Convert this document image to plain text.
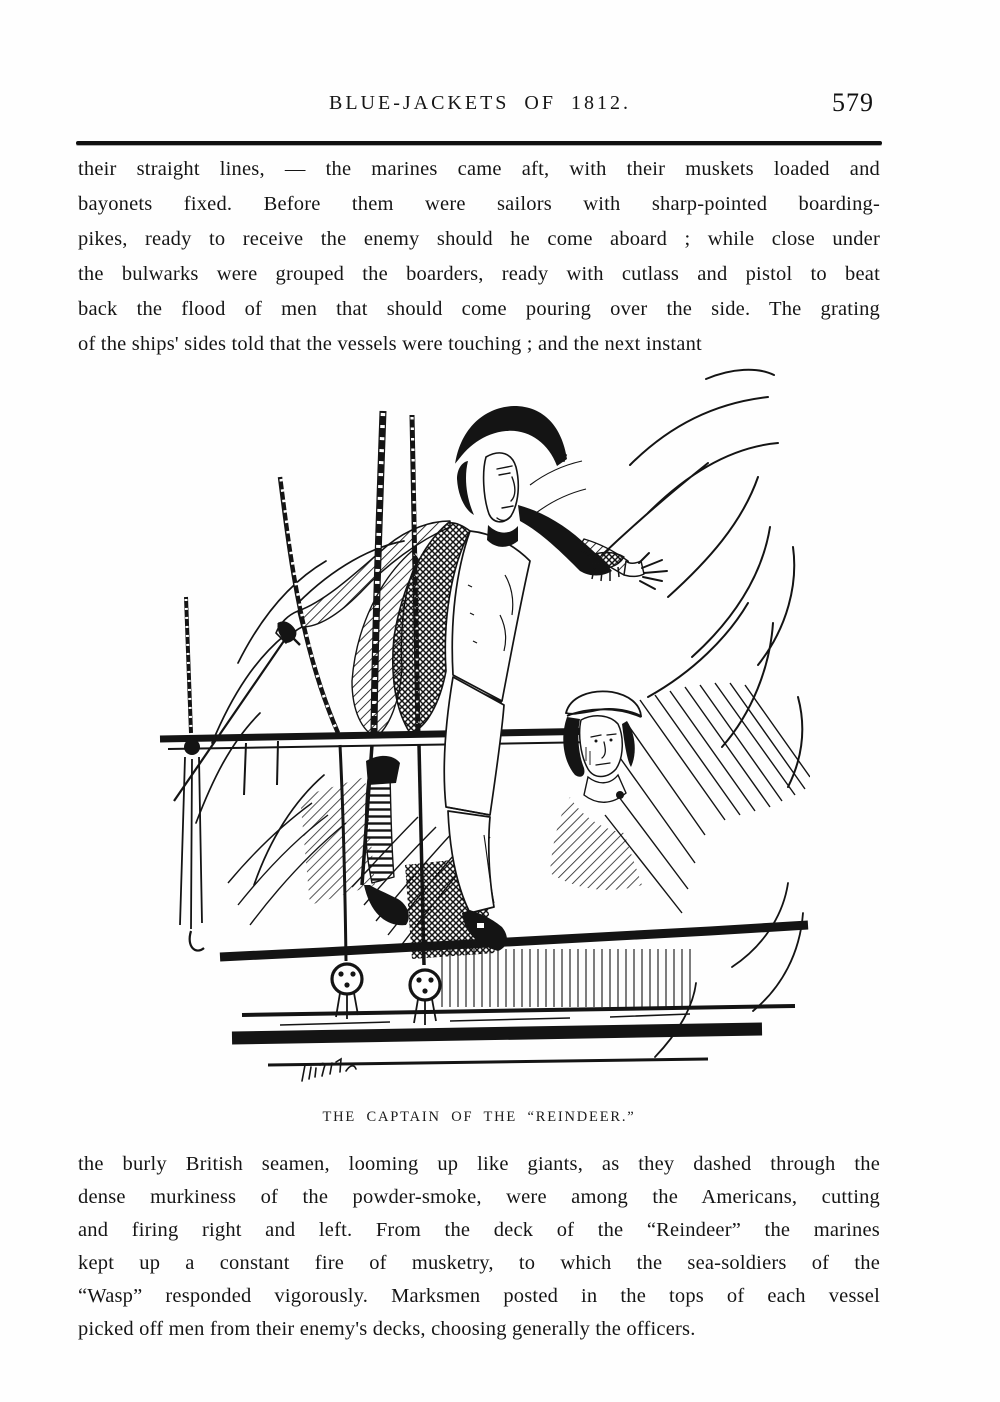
BLUE-JACKETS OF 1812.	579
their straight lines, — the marines came aft, with their muskets loaded and
bayonets fixed. Before them were sailors with sharp-pointed boarding-
pikes, ready to receive the enemy should he come aboard ; while close under
the bulwarks were grouped the boarders, ready with cutlass and pistol to beat
back the flood of men that should come pouring over the side. The grating
of the ships' sides told that the vessels were touching ; and the next instant
THE CAPTAIN OF THE “REINDEER.”
the burly British seamen, looming up like giants, as they dashed through the
dense murkiness of the powder-smoke, were among the Americans, cutting
and firing right and left. From the deck of the “Reindeer” the marines
kept up a constant fire of musketry, to which the sea-soldiers of the
“Wasp” responded vigorously. Marksmen posted in the tops of each vessel
picked off men from their enemy's decks, choosing generally the officers.
